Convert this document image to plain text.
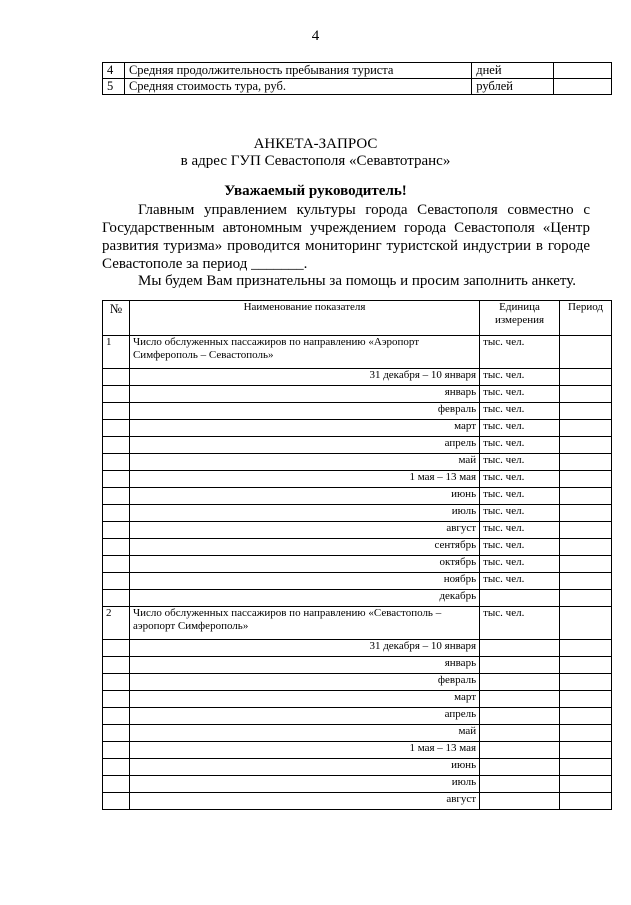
4
4	Средняя продолжительность пребывания туриста	дней	
5	Средняя стоимость тура, руб.	рублей	
АНКЕТА-ЗАПРОС
в адрес ГУП Севастополя «Севавтотранс»
Уважаемый руководитель!
Главным управлением культуры города Севастополя совместно с Государственным автономным учреждением города Севастополя «Центр развития туризма» проводится мониторинг туристской индустрии в городе Севастополе за период _______.
Мы будем Вам признательны за помощь и просим заполнить анкету.
№	Наименование показателя	Единица измерения	Период
1	Число обслуженных пассажиров по направлению «Аэропорт Симферополь – Севастополь»	тыс. чел.	
	31 декабря – 10 января	тыс. чел.	
	январь	тыс. чел.	
	февраль	тыс. чел.	
	март	тыс. чел.	
	апрель	тыс. чел.	
	май	тыс. чел.	
	1 мая – 13 мая	тыс. чел.	
	июнь	тыс. чел.	
	июль	тыс. чел.	
	август	тыс. чел.	
	сентябрь	тыс. чел.	
	октябрь	тыс. чел.	
	ноябрь	тыс. чел.	
	декабрь		
2	Число обслуженных пассажиров по направлению «Севастополь – аэропорт Симферополь»	тыс. чел.	
	31 декабря – 10 января		
	январь		
	февраль		
	март		
	апрель		
	май		
	1 мая – 13 мая		
	июнь		
	июль		
	август		
